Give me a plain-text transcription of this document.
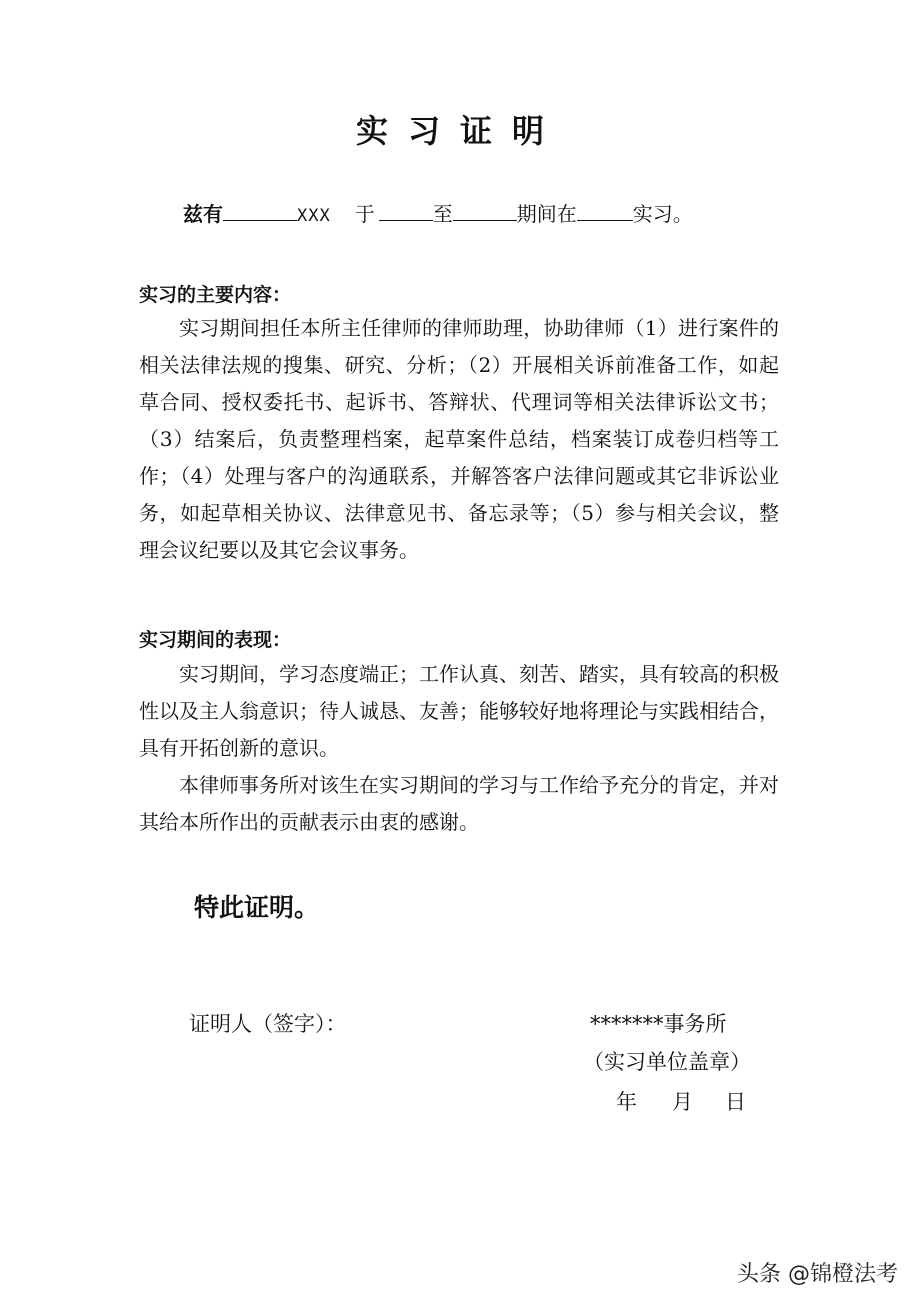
实习证明
兹有	XXX 于	至	期间在	实习。
实习的主要内容：

实习期间担任本所主任律师的律师助理，协助律师（1）进行案件的相关法律法规的搜集、研究、分析；（2）开展相关诉前准备工作，如起草合同、授权委托书、起诉书、答辩状、代理词等相关法律诉讼文书；（3）结案后，负责整理档案，起草案件总结，档案装订成卷归档等工作；（4）处理与客户的沟通联系，并解答客户法律问题或其它非诉讼业务，如起草相关协议、法律意见书、备忘录等；（5）参与相关会议，整理会议纪要以及其它会议事务。

实习期间的表现：

实习期间，学习态度端正；工作认真、刻苦、踏实，具有较高的积极性以及主人翁意识；待人诚恳、友善；能够较好地将理论与实践相结合，具有开拓创新的意识。

本律师事务所对该生在实习期间的学习与工作给予充分的肯定，并对其给本所作出的贡献表示由衷的感谢。

特此证明。
证明人（签字）：	*******事务所
（实习单位盖章）
年 月 日
头条 @锦橙法考
